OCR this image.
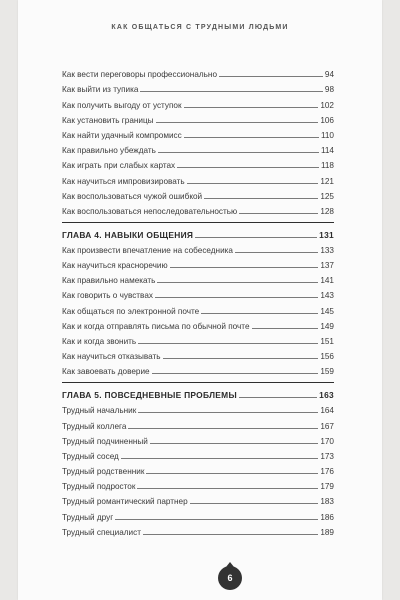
КАК ОБЩАТЬСЯ С ТРУДНЫМИ ЛЮДЬМИ
Как вести переговоры профессионально	94
Как выйти из тупика	98
Как получить выгоду от уступок	102
Как установить границы	106
Как найти удачный компромисс	110
Как правильно убеждать	114
Как играть при слабых картах	118
Как научиться импровизировать	121
Как воспользоваться чужой ошибкой	125
Как воспользоваться непоследовательностью	128
ГЛАВА 4. НАВЫКИ ОБЩЕНИЯ	131
Как произвести впечатление на собеседника	133
Как научиться красноречию	137
Как правильно намекать	141
Как говорить о чувствах	143
Как общаться по электронной почте	145
Как и когда отправлять письма по обычной почте	149
Как и когда звонить	151
Как научиться отказывать	156
Как завоевать доверие	159
ГЛАВА 5. ПОВСЕДНЕВНЫЕ ПРОБЛЕМЫ	163
Трудный начальник	164
Трудный коллега	167
Трудный подчиненный	170
Трудный сосед	173
Трудный родственник	176
Трудный подросток	179
Трудный романтический партнер	183
Трудный друг	186
Трудный специалист	189
6
